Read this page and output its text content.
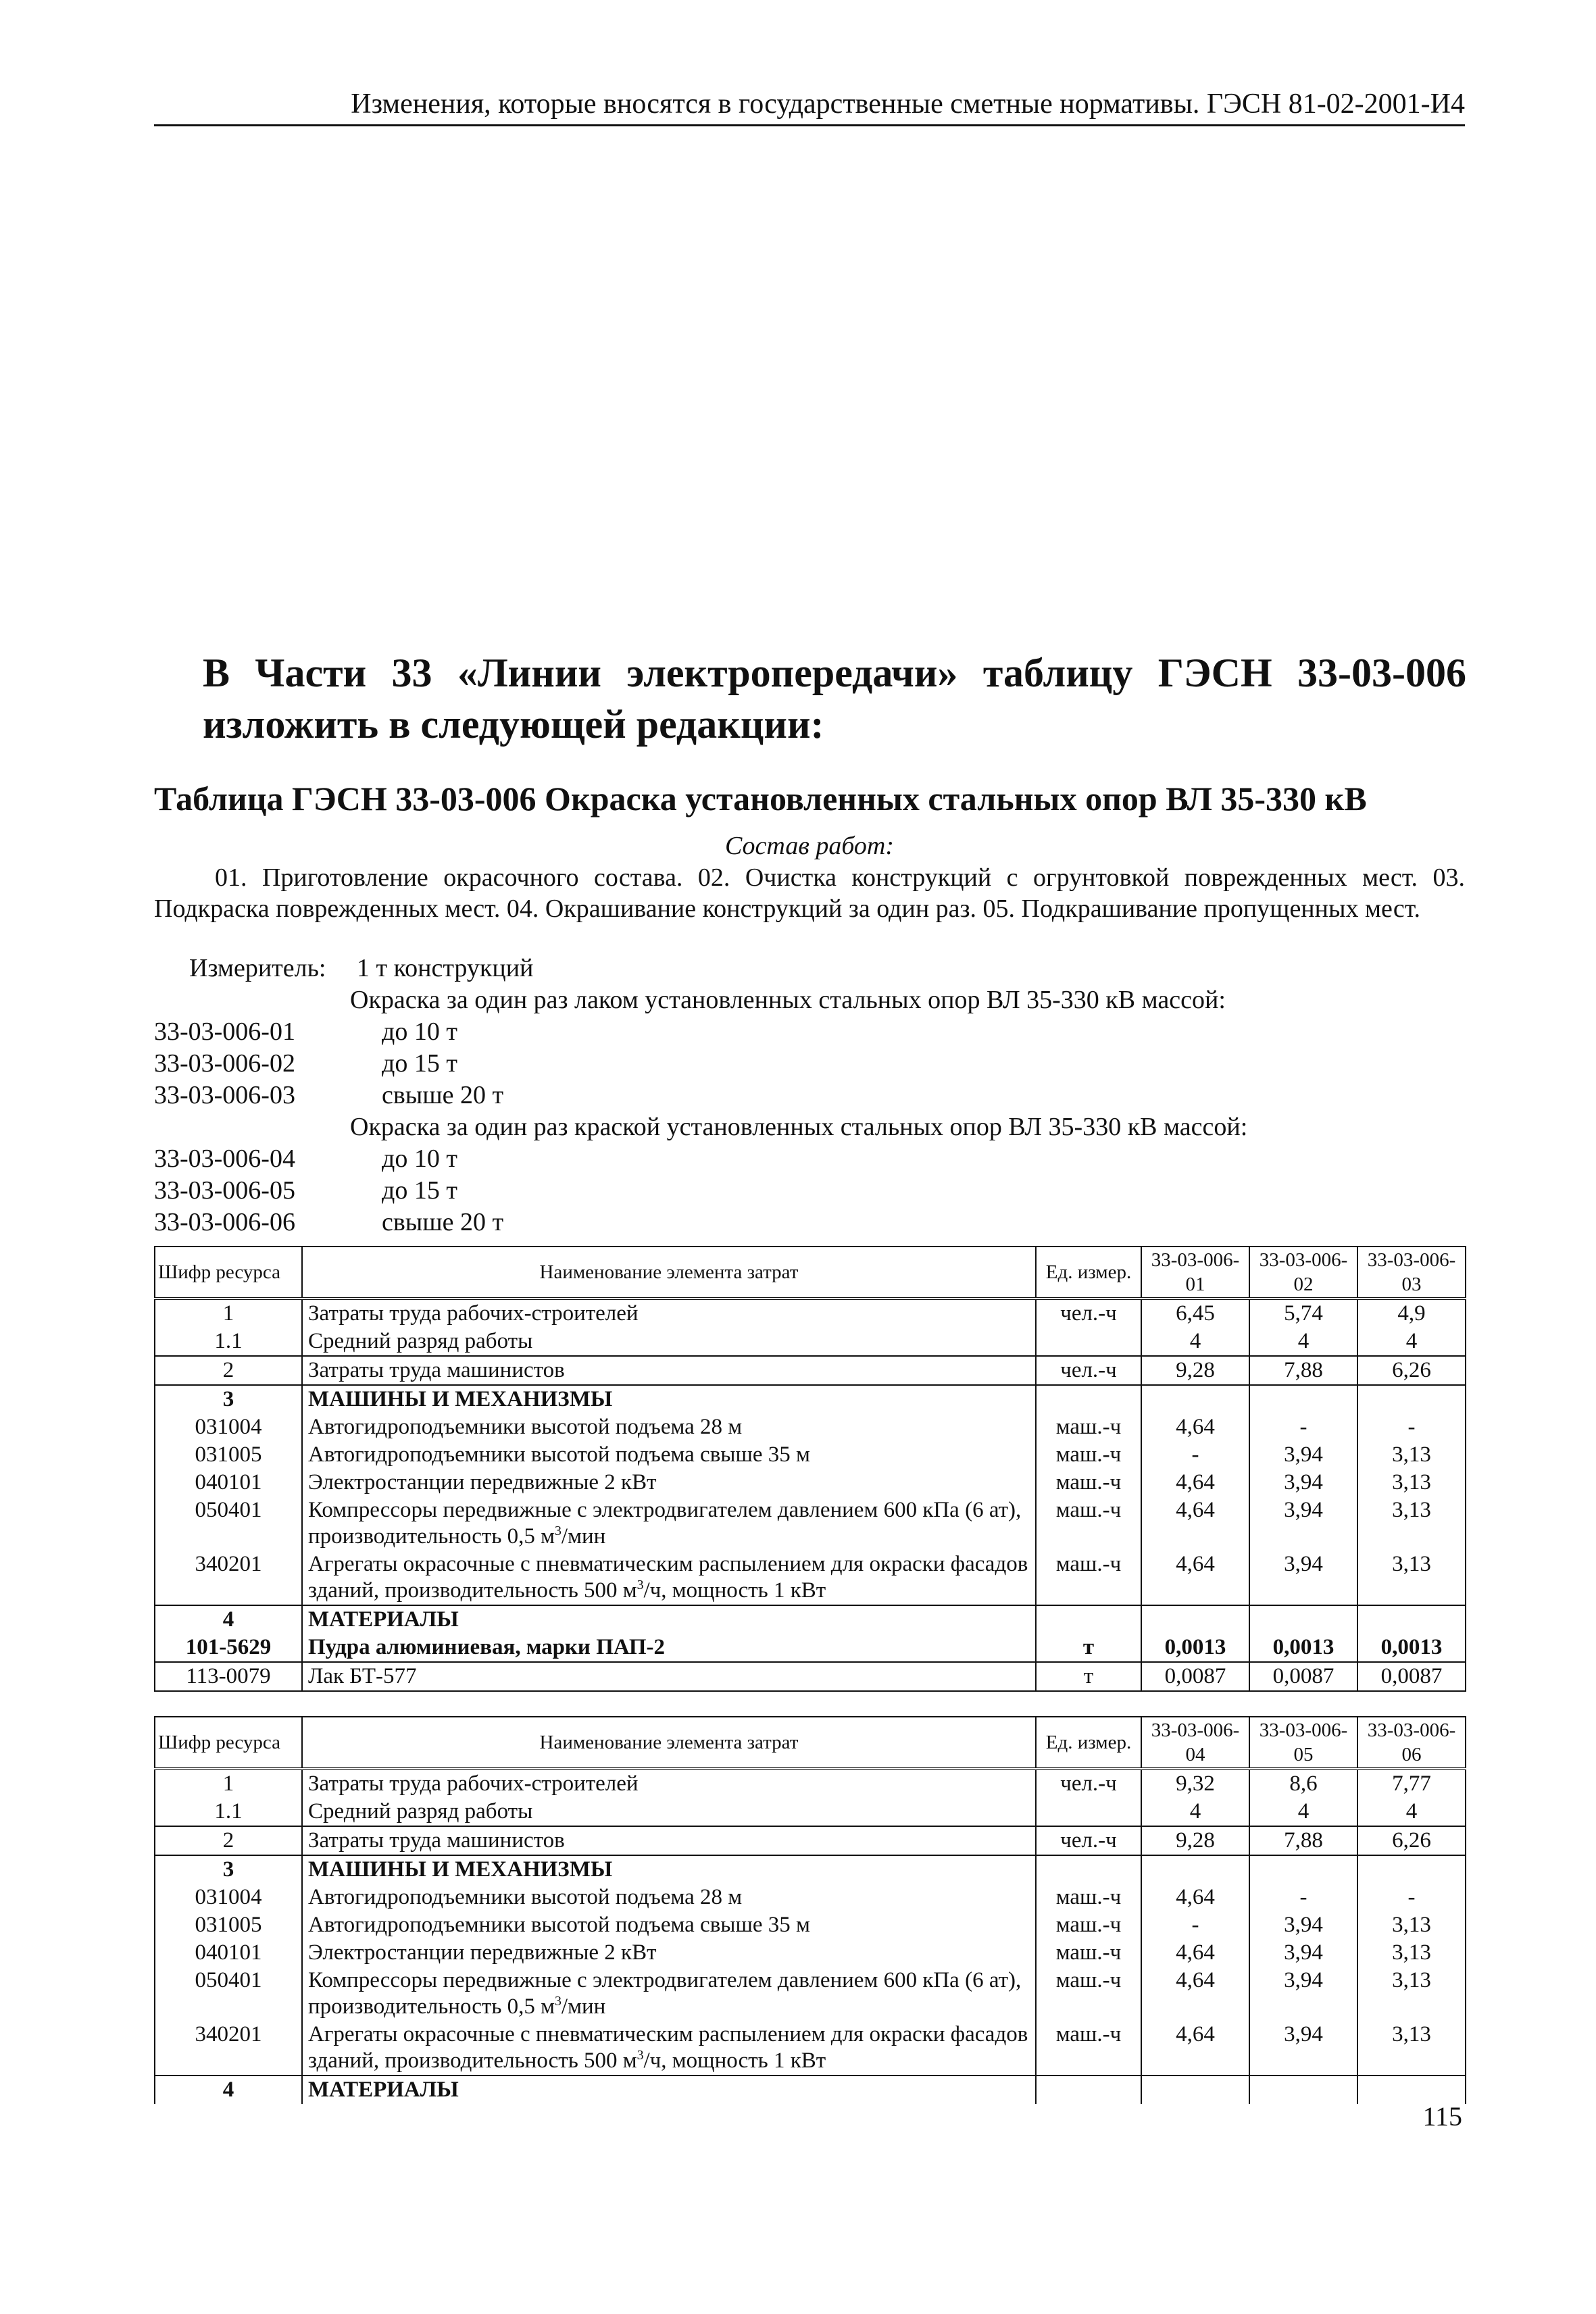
Изменения, которые вносятся в государственные сметные нормативы. ГЭСН 81-02-2001-И4
В Части 33 «Линии электропередачи» таблицу ГЭСН 33-03-006 изложить в следующей редакции:
Таблица ГЭСН 33-03-006 Окраска установленных стальных опор ВЛ 35-330 кВ
Состав работ:
01. Приготовление окрасочного состава. 02. Очистка конструкций с огрунтовкой поврежденных мест. 03. Подкраска поврежденных мест. 04. Окрашивание конструкций за один раз. 05. Подкрашивание пропущенных мест.
Измеритель: 1 т конструкций
Окраска за один раз лаком установленных стальных опор ВЛ 35-330 кВ массой:
33-03-006-01	до 10 т
33-03-006-02	до 15 т
33-03-006-03	свыше 20 т
Окраска за один раз краской установленных стальных опор ВЛ 35-330 кВ массой:
33-03-006-04	до 10 т
33-03-006-05	до 15 т
33-03-006-06	свыше 20 т
Шифр ресурса	Наименование элемента затрат	Ед. измер.	33-03-006-01	33-03-006-02	33-03-006-03
1	Затраты труда рабочих-строителей	чел.-ч	6,45	5,74	4,9
1.1	Средний разряд работы		4	4	4
2	Затраты труда машинистов	чел.-ч	9,28	7,88	6,26
3	МАШИНЫ И МЕХАНИЗМЫ				
031004	Автогидроподъемники высотой подъема 28 м	маш.-ч	4,64	-	-
031005	Автогидроподъемники высотой подъема свыше 35 м	маш.-ч	-	3,94	3,13
040101	Электростанции передвижные 2 кВт	маш.-ч	4,64	3,94	3,13
050401	Компрессоры передвижные с электродвигателем давлением 600 кПа (6 ат), производительность 0,5 $м^3$/мин	маш.-ч	4,64	3,94	3,13
340201	Агрегаты окрасочные с пневматическим распылением для окраски фасадов зданий, производительность 500 $м^3/ч$, мощность 1 кВт	маш.-ч	4,64	3,94	3,13
4	МАТЕРИАЛЫ				
101-5629	Пудра алюминиевая, марки ПАП-2	т	0,0013	0,0013	0,0013
113-0079	Лак БТ-577	т	0,0087	0,0087	0,0087
Шифр ресурса	Наименование элемента затрат	Ед. измер.	33-03-006-04	33-03-006-05	33-03-006-06
1	Затраты труда рабочих-строителей	чел.-ч	9,32	8,6	7,77
1.1	Средний разряд работы		4	4	4
2	Затраты труда машинистов	чел.-ч	9,28	7,88	6,26
3	МАШИНЫ И МЕХАНИЗМЫ				
031004	Автогидроподъемники высотой подъема 28 м	маш.-ч	4,64	-	-
031005	Автогидроподъемники высотой подъема свыше 35 м	маш.-ч	-	3,94	3,13
040101	Электростанции передвижные 2 кВт	маш.-ч	4,64	3,94	3,13
050401	Компрессоры передвижные с электродвигателем давлением 600 кПа (6 ат), производительность 0,5 $м^3$/мин	маш.-ч	4,64	3,94	3,13
340201	Агрегаты окрасочные с пневматическим распылением для окраски фасадов зданий, производительность 500 $м^3/ч$, мощность 1 кВт	маш.-ч	4,64	3,94	3,13
4	МАТЕРИАЛЫ				
115
